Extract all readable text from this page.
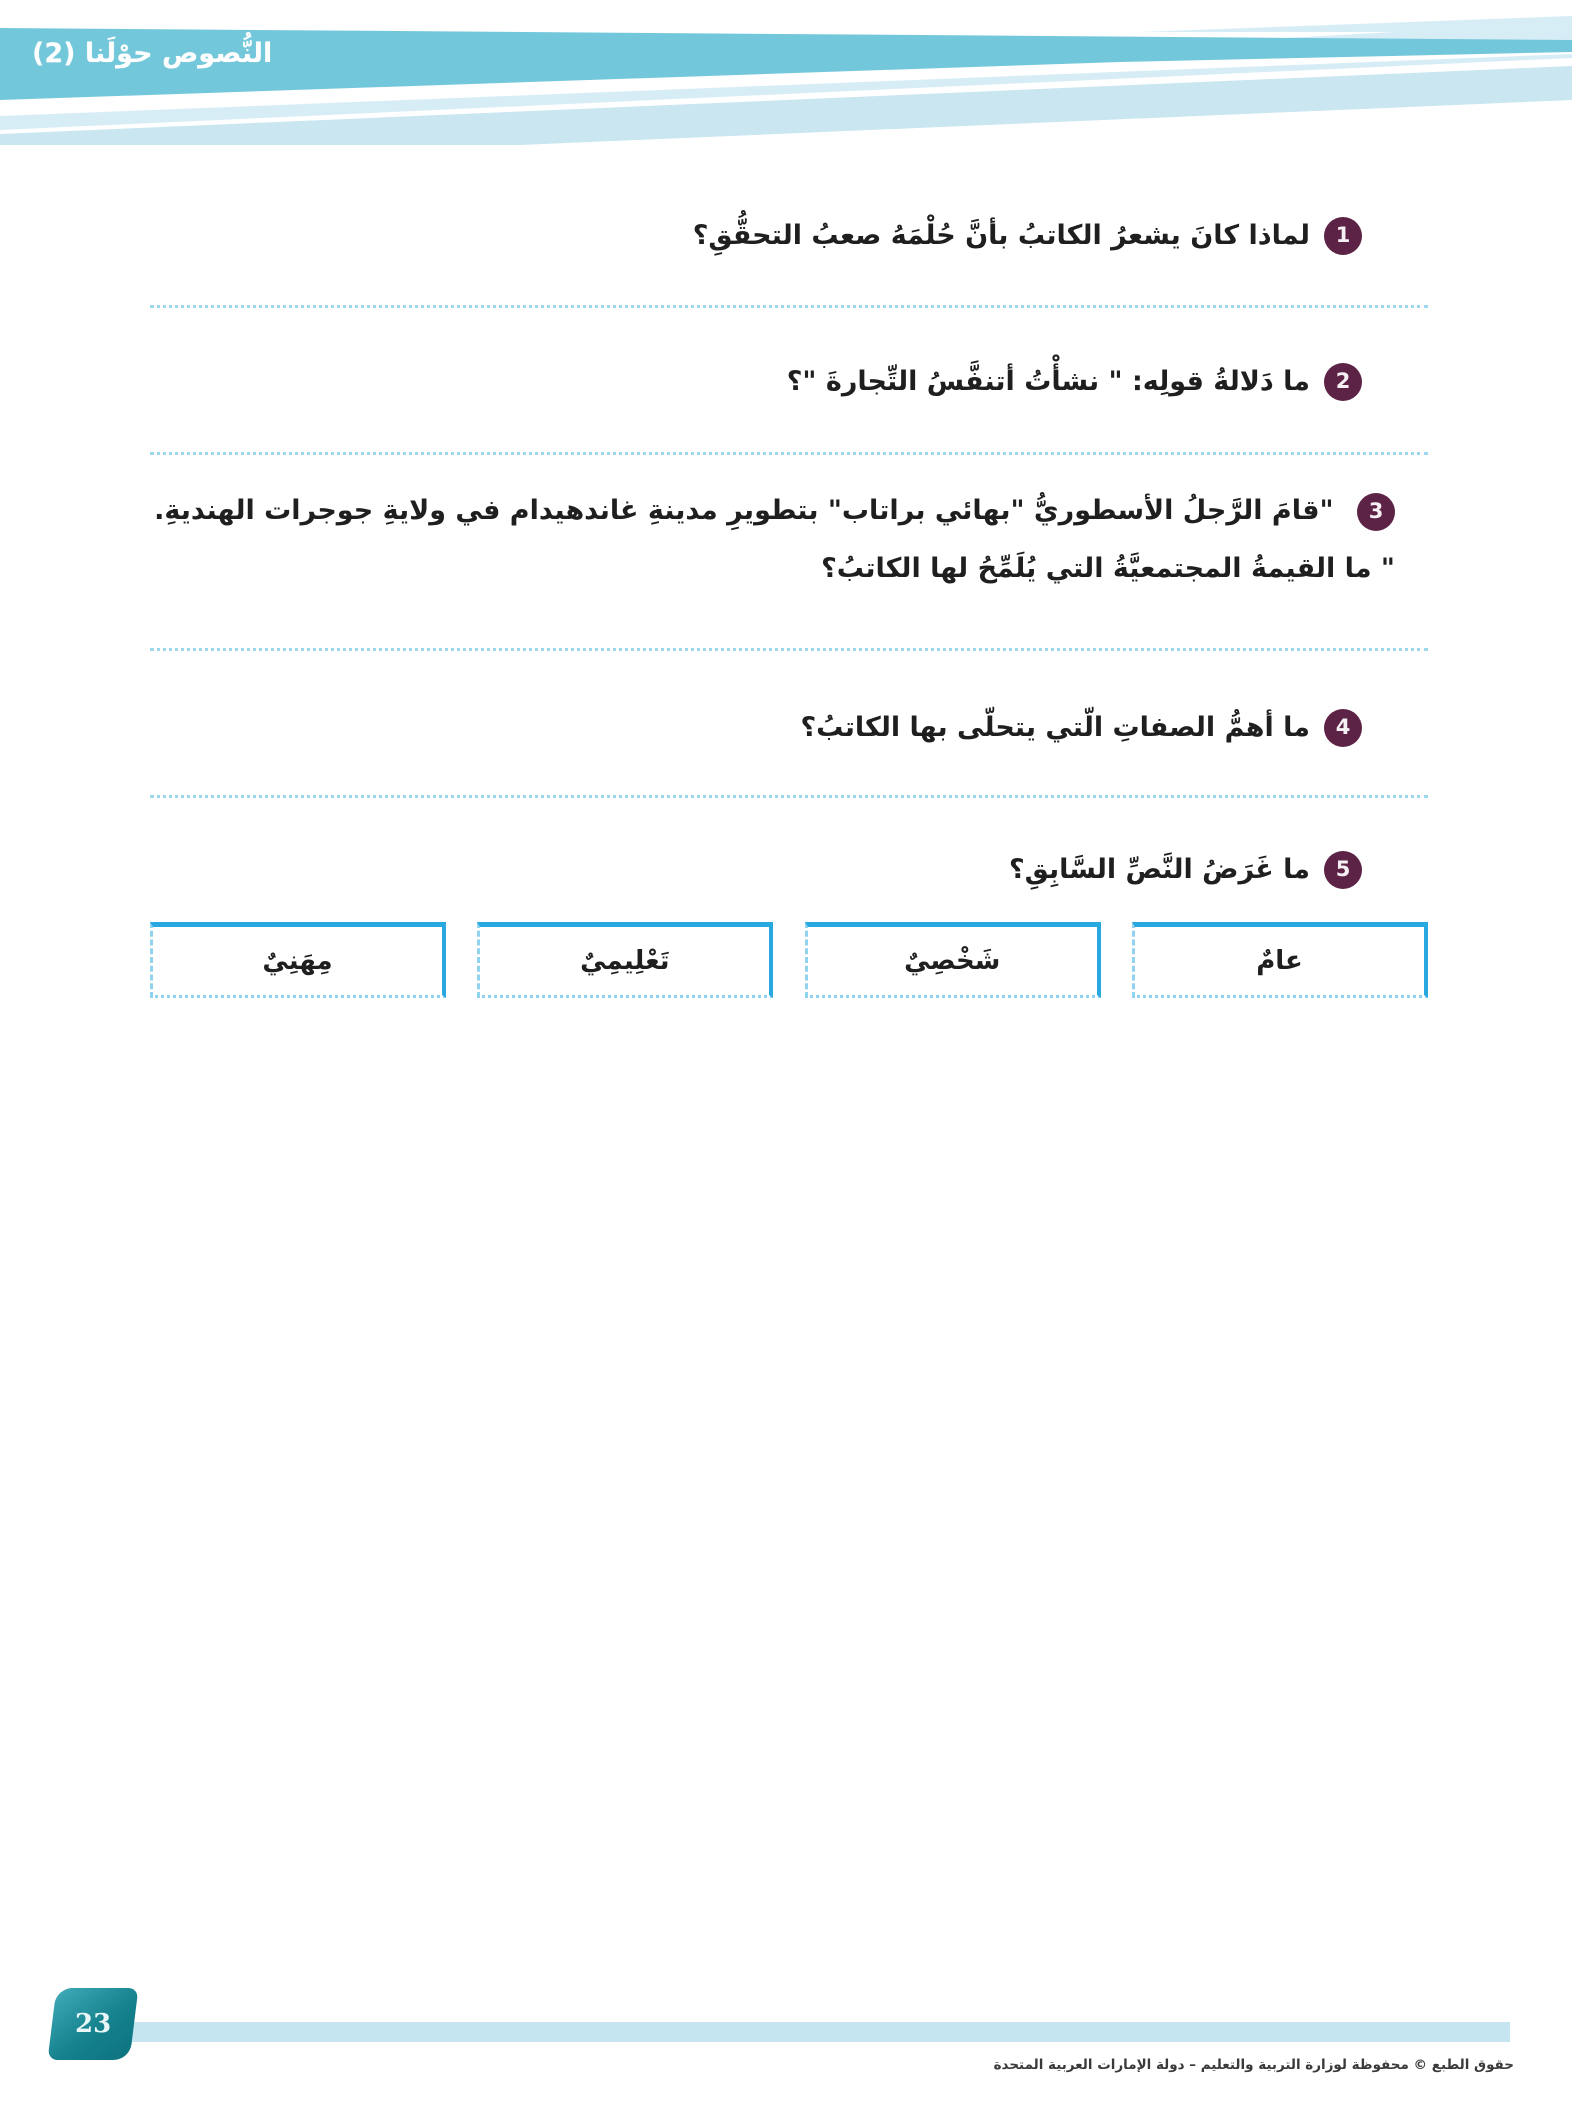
النُّصوص حوْلَنا (2)
1
لماذا كانَ يشعرُ الكاتبُ بأنَّ حُلْمَهُ صعبُ التحقُّقِ؟
2
ما دَلالةُ قولِه: " نشأْتُ أتنفَّسُ التِّجارةَ "؟
3 "قامَ الرَّجلُ الأسطوريُّ "بهائي براتاب" بتطويرِ مدينةِ غاندهيدام في ولايةِ جوجرات الهنديةِ. " ما القيمةُ المجتمعيَّةُ التي يُلَمِّحُ لها الكاتبُ؟
4
ما أهمُّ الصفاتِ الّتي يتحلّى بها الكاتبُ؟
5
ما غَرَضُ النَّصِّ السَّابِقِ؟
عامٌ
شَخْصِيٌ
تَعْلِيمِيٌ
مِهَنِيٌ
23
حقوق الطبع © محفوظة لوزارة التربية والتعليم – دولة الإمارات العربية المتحدة
